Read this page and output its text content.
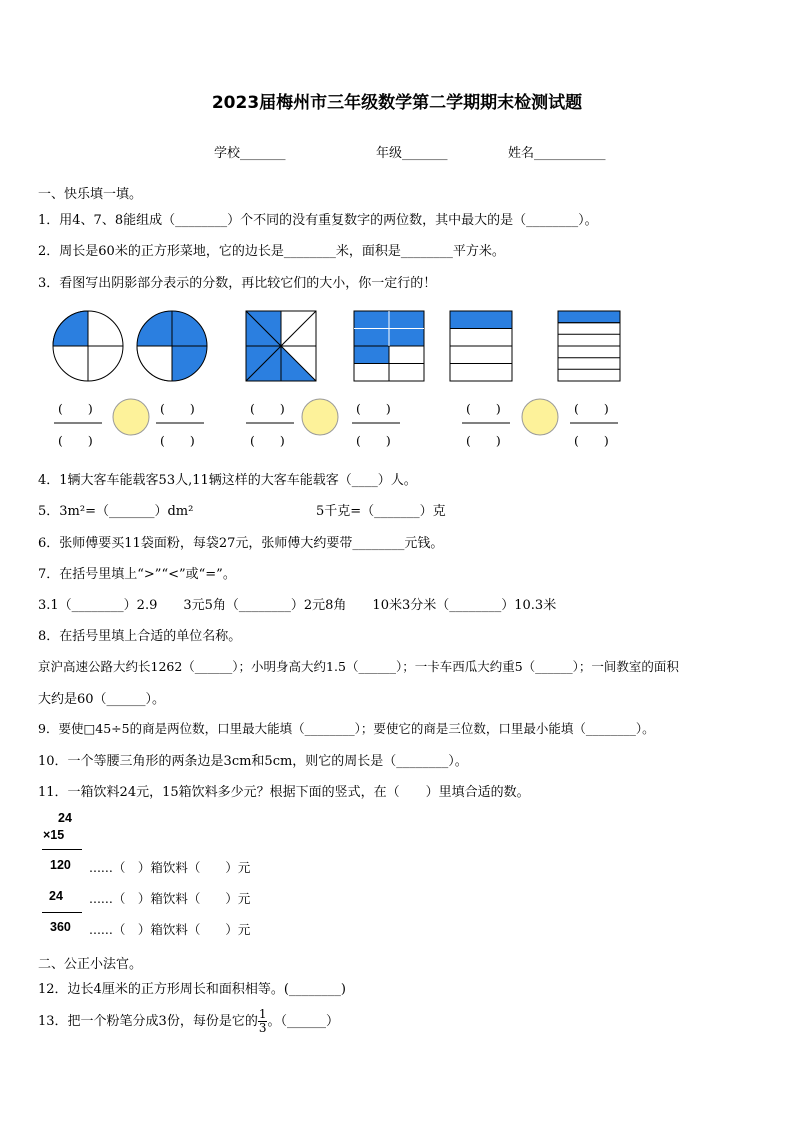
2023届梅州市三年级数学第二学期期末检测试题
学校_______	年级_______	姓名___________
一、快乐填一填。
1．用4、7、8能组成（________）个不同的没有重复数字的两位数，其中最大的是（________）。
2．周长是60米的正方形菜地，它的边长是________米，面积是________平方米。
3．看图写出阴影部分表示的分数，再比较它们的大小，你一定行的！
(　　)
(　　)
(　　)
(　　)
(　　)
(　　)
(　　)
(　　)
(　　)
(　　)
(　　)
(　　)
4．1辆大客车能载客53人,11辆这样的大客车能载客（____）人。
5．3m²=（_______）dm²	5千克=（_______）克
6．张师傅要买11袋面粉，每袋27元，张师傅大约要带________元钱。
7．在括号里填上“>”“<”或“=”。
3.1（________）2.9　　3元5角（________）2元8角　　10米3分米（________）10.3米
8．在括号里填上合适的单位名称。
京沪高速公路大约长1262（______）；小明身高大约1.5（______）；一卡车西瓜大约重5（______）；一间教室的面积
大约是60（______）。
9．要使□45÷5的商是两位数，口里最大能填（________）；要使它的商是三位数，口里最小能填（________）。
10．一个等腰三角形的两条边是3cm和5cm，则它的周长是（________）。
11．一箱饮料24元，15箱饮料多少元？根据下面的竖式，在（　　）里填合适的数。
24
×15
120 ......（　）箱饮料（　　）元
24 ......（　）箱饮料（　　）元
360 ......（　）箱饮料（　　）元
二、公正小法官。
12．边长4厘米的正方形周长和面积相等。(________)
13．把一个粉笔分成3份，每份是它的 $\frac{1}{3}$ 。（______）
